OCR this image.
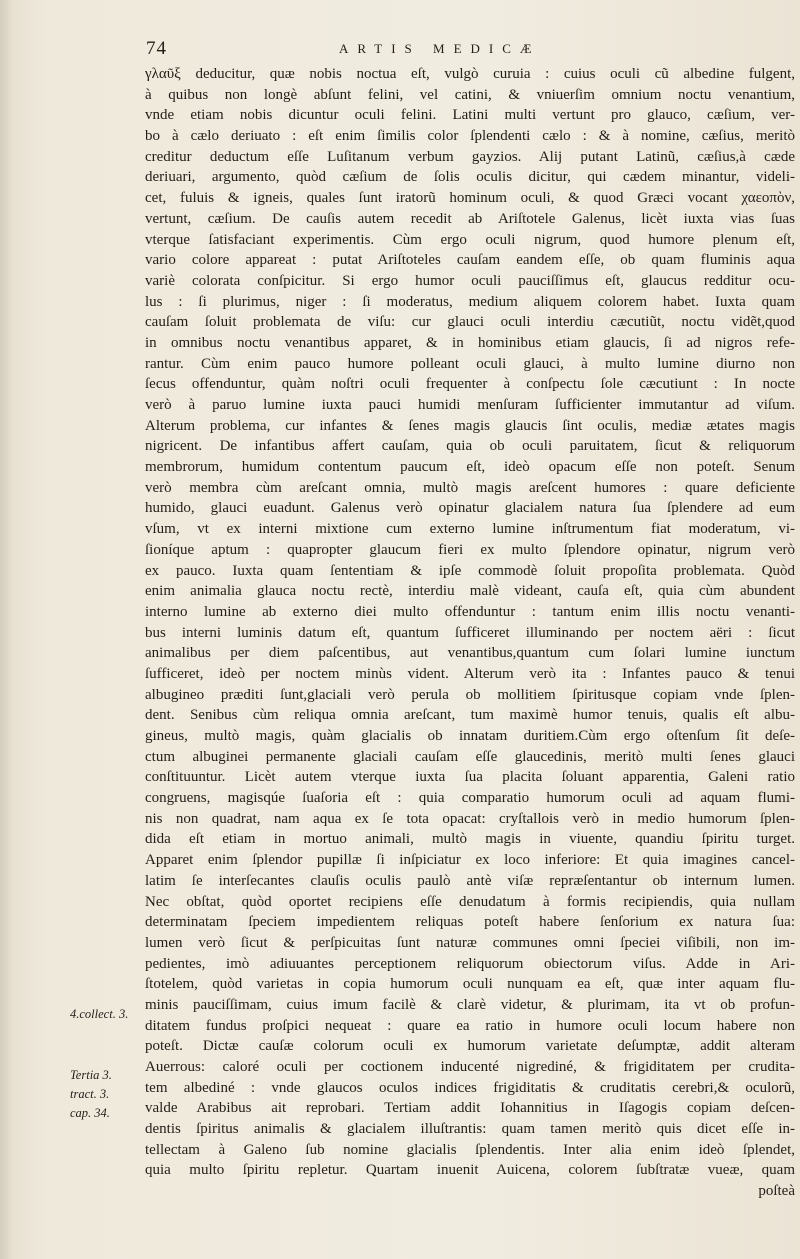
74	ARTIS MEDICÆ
4.collect. 3.
Tertia 3.
tract. 3.
cap. 34.
γλαῦξ deducitur, quæ nobis noctua eſt, vulgò curuia : cuius oculi cũ albedine fulgent,
à quibus non longè abſunt felini, vel catini, & vniuerſim omnium noctu venantium,
vnde etiam nobis dicuntur oculi felini. Latini multi vertunt pro glauco, cæſium, ver-
bo à cælo deriuato : eſt enim ſimilis color ſplendenti cælo : & à nomine, cæſius, meritò
creditur deductum eſſe Luſitanum verbum gayzios. Alij putant Latinũ, cæſius,à cæde
deriuari, argumento, quòd cæſium de ſolis oculis dicitur, qui cædem minantur, videli-
cet, fuluis & igneis, quales ſunt iratorũ hominum oculi, & quod Græci vocant χαεοπὸν,
vertunt, cæſium. De cauſis autem recedit ab Ariſtotele Galenus, licèt iuxta vias ſuas
vterque ſatisfaciant experimentis. Cùm ergo oculi nigrum, quod humore plenum eſt,
vario colore appareat : putat Ariſtoteles cauſam eandem eſſe, ob quam fluminis aqua
variè colorata conſpicitur. Si ergo humor oculi pauciſſimus eſt, glaucus redditur ocu-
lus : ſi plurimus, niger : ſi moderatus, medium aliquem colorem habet. Iuxta quam
cauſam ſoluit problemata de viſu: cur glauci oculi interdiu cæcutiũt, noctu vidẽt,quod
in omnibus noctu venantibus apparet, & in hominibus etiam glaucis, ſi ad nigros refe-
rantur. Cùm enim pauco humore polleant oculi glauci, à multo lumine diurno non
ſecus offenduntur, quàm noſtri oculi frequenter à conſpectu ſole cæcutiunt : In nocte
verò à paruo lumine iuxta pauci humidi menſuram ſufficienter immutantur ad viſum.
Alterum problema, cur infantes & ſenes magis glaucis ſint oculis, mediæ ætates magis
nigricent. De infantibus affert cauſam, quia ob oculi paruitatem, ſicut & reliquorum
membrorum, humidum contentum paucum eſt, ideò opacum eſſe non poteſt. Senum
verò membra cùm areſcant omnia, multò magis areſcent humores : quare deficiente
humido, glauci euadunt. Galenus verò opinatur glacialem natura ſua ſplendere ad eum
vſum, vt ex interni mixtione cum externo lumine inſtrumentum fiat moderatum, vi-
ſioníque aptum : quapropter glaucum fieri ex multo ſplendore opinatur, nigrum verò
ex pauco. Iuxta quam ſententiam & ipſe commodè ſoluit propoſita problemata. Quòd
enim animalia glauca noctu rectè, interdiu malè videant, cauſa eſt, quia cùm abundent
interno lumine ab externo diei multo offenduntur : tantum enim illis noctu venanti-
bus interni luminis datum eſt, quantum ſufficeret illuminando per noctem aëri : ſicut
animalibus per diem paſcentibus, aut venantibus,quantum cum ſolari lumine iunctum
ſufficeret, ideò per noctem minùs vident. Alterum verò ita : Infantes pauco & tenui
albugineo præditi ſunt,glaciali verò perula ob mollitiem ſpiritusque copiam vnde ſplen-
dent. Senibus cùm reliqua omnia areſcant, tum maximè humor tenuis, qualis eſt albu-
gineus, multò magis, quàm glacialis ob innatam duritiem.Cùm ergo oſtenſum ſit deſe-
ctum albuginei permanente glaciali cauſam eſſe glaucedinis, meritò multi ſenes glauci
conſtituuntur. Licèt autem vterque iuxta ſua placita ſoluant apparentia, Galeni ratio
congruens, magisqúe ſuaſoria eſt : quia comparatio humorum oculi ad aquam flumi-
nis non quadrat, nam aqua ex ſe tota opacat: cryſtallois verò in medio humorum ſplen-
dida eſt etiam in mortuo animali, multò magis in viuente, quandiu ſpiritu turget.
Apparet enim ſplendor pupillæ ſi inſpiciatur ex loco inferiore: Et quia imagines cancel-
latim ſe interſecantes clauſis oculis paulò antè viſæ repræſentantur ob internum lumen.
Nec obſtat, quòd oportet recipiens eſſe denudatum à formis recipiendis, quia nullam
determinatam ſpeciem impedientem reliquas poteſt habere ſenſorium ex natura ſua:
lumen verò ſicut & perſpicuitas ſunt naturæ communes omni ſpeciei viſibili, non im-
pedientes, imò adiuuantes perceptionem reliquorum obiectorum viſus. Adde in Ari-
ſtotelem, quòd varietas in copia humorum oculi nunquam ea eſt, quæ inter aquam flu-
minis pauciſſimam, cuius imum facilè & clarè videtur, & plurimam, ita vt ob profun-
ditatem fundus proſpici nequeat : quare ea ratio in humore oculi locum habere non
poteſt. Dictæ cauſæ colorum oculi ex humorum varietate deſumptæ, addit alteram
Auerrous: caloré oculi per coctionem inducenté nigrediné, & frigiditatem per crudita-
tem albediné : vnde glaucos oculos indices frigiditatis & cruditatis cerebri,& oculorũ,
valde Arabibus ait reprobari. Tertiam addit Iohannitius in Iſagogis copiam deſcen-
dentis ſpiritus animalis & glacialem illuſtrantis: quam tamen meritò quis dicet eſſe in-
tellectam à Galeno ſub nomine glacialis ſplendentis. Inter alia enim ideò ſplendet,
quia multo ſpiritu repletur. Quartam inuenit Auicena, colorem ſubſtratæ vueæ, quam
poſteà
